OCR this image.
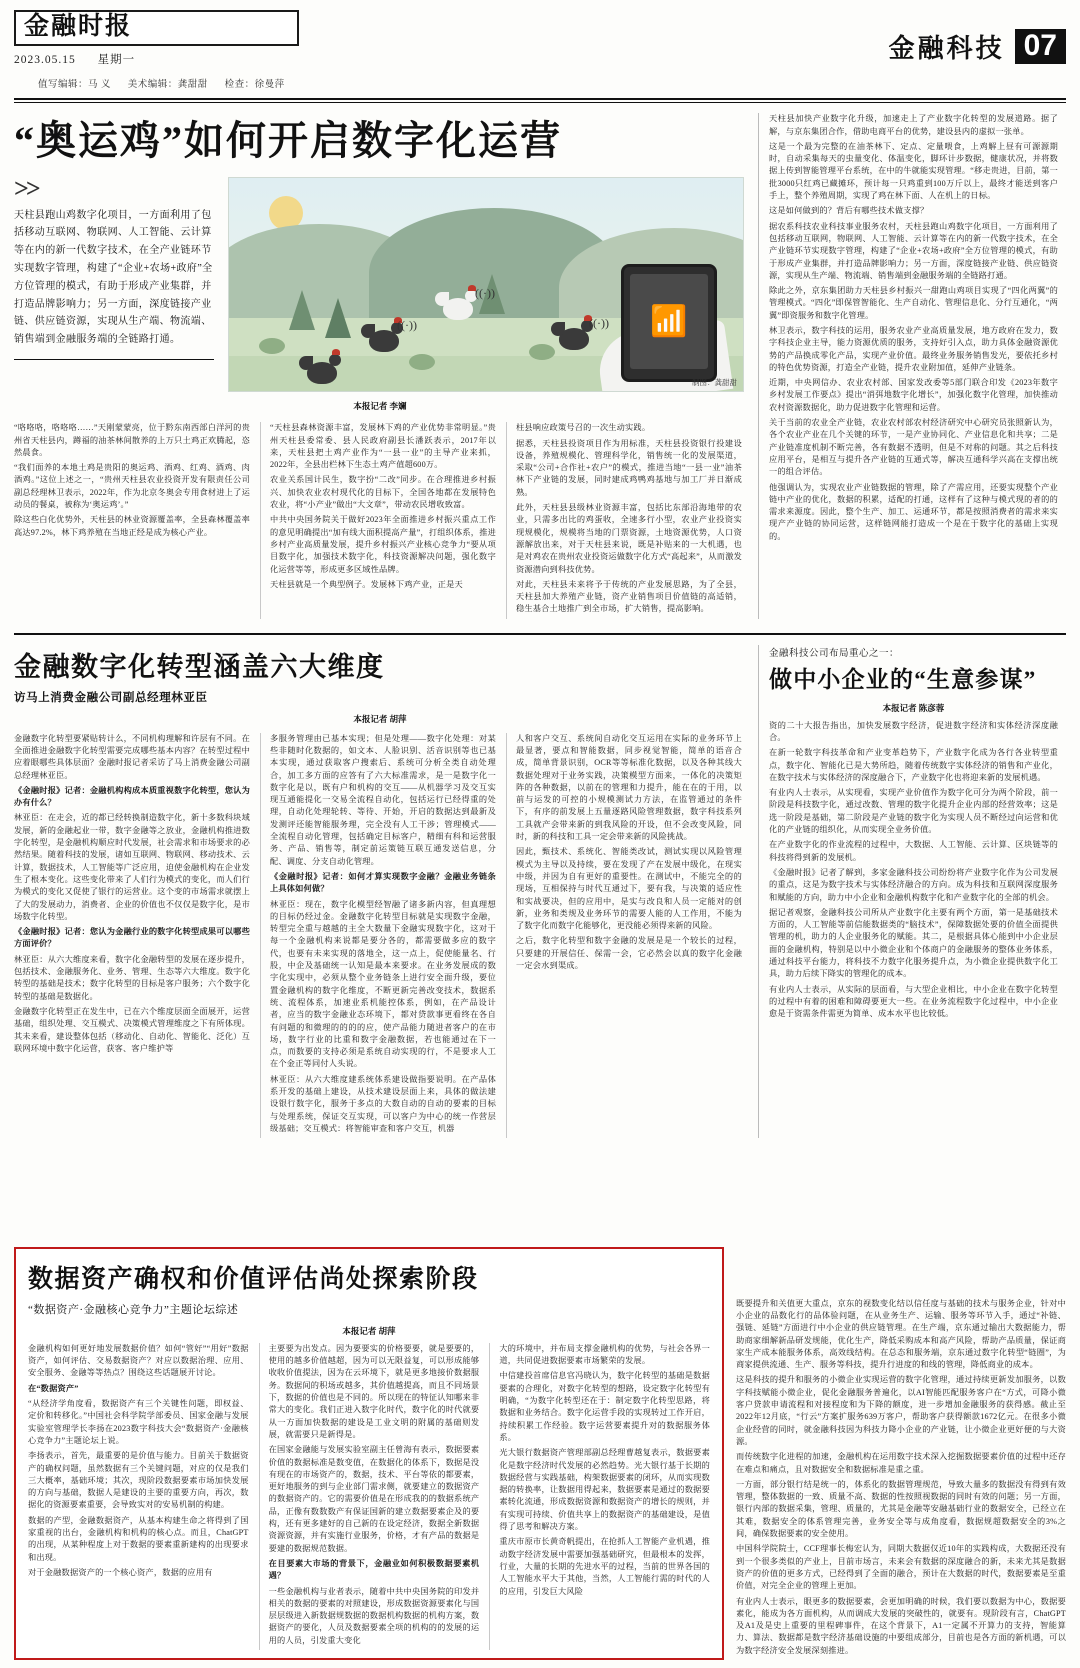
金融时报
2023.05.15 星期一
值写编辑：马 义 美术编辑：龚甜甜 检查：徐曼萍
金融科技 07
“奥运鸡”如何开启数字化运营
>>
天柱县跑山鸡数字化项目，一方面利用了包括移动互联网、物联网、人工智能、云计算等在内的新一代数字技术，在全产业链环节实现数字管理，构建了“企业+农场+政府”全方位管理的模式，有助于形成产业集群，并打造品牌影响力；另一方面，深度链接产业链、供应链资源，实现从生产端、物流端、销售端到金融服务端的全链路打通。
((·))
((·))
((·))	📶
制图：龚甜甜
本报记者 李斓

“咯咯咯，咯咯咯……”天刚蒙蒙亮，位于黔东南西部白洋河的贵州省天柱县内，蹲福的油茶林间散养的上万只土鸡正欢腾起，恣然晨食。

“我们面养的本地土鸡是贵阳的奥运鸡、酒鸡、红鸡、酒鸡、肉酒鸡。”这位上述之一，“贵州天柱县农业投资开发有限责任公司副总经理林卫表示，2022年，作为北京冬奥会专用食材进上了运动员的餐桌，被称为‘奥运鸡’。”

除这些白化优势外，天柱县的林业资源覆盖率，全县森林覆盖率高达97.2%，林下鸡养殖在当地正经是成为核心产业。

“天柱县森林资源丰富，发展林下鸡的产业优势非常明显。”贵州天柱县委常委、县人民政府副县长潘跃表示，2017年以来，天柱县把土鸡产业作为“一县一业”的主导产业来抓，2022年，全县出栏林下生态土鸡产值超600万。

农业关系国计民生，数字扮“二改”同步。在合理推进乡村振兴、加快农业农村现代化的目标下，全国各地都在发展特色农业，将“小产业”做出“大文章”，带动农民增收致富。

中共中央国务院关于做好2023年全面推进乡村振兴重点工作的意见明确提出“加有线大面积提高产量”，打组织体系，推进乡村产业高质量发展，提升乡村振兴产业核心竞争力“要从项目数字化，加强技术数字化，科技资源解决问题，强化数字化运营等等，形成更多区域性品牌。

天柱县就是一个典型例子。发展林下鸡产业，正是天

柱县响应政策号召的一次生动实践。

据悉，天柱县投资项目作为用标准，天柱县投资银行投建设设备，养殖规模化、管理科学化，销售统一化的发展渠道，采取“公司+合作社+农户”的模式，推进当地“一县一业”油茶林下产业链的发展，同时建成鸡鸭鸡基地与加工厂并日渐成熟。

此外，天柱县县级林业资源丰富，包括比东部沿海地带的农业，只需多出比的鸡蛋收，全速多行小型，农业产业投资实现规模化，规模将当地的门票资源，土地资源优势，人口资源解放出来，对于天柱县来说，既是补贴来的一大机遇，也是对鸡农在贵州农业投资运做数字化方式“高起来”，从而激发资源潜向到科技优势。

对此，天柱县未来将予于传统的产业发展思路，为了全县，天柱县加大养殖产业链，资产业销售项目价值链的高适销，稳生基合土地推广到全市场，扩大销售，提高影响。

天柱县加快产业数字化升级，加速走上了产业数字化转型的发展道路。据了解，与京东集团合作，借助电商平台的优势，建设县内的虚拟一张单。

这是一个最为完整的在油茶林下、定点、定量喂食，上鸡解上昼有可源源期时，自动采集每天的虫量变化、体温变化，脚环计步数据，健康状况，并将数据上传到智能管理平台系统，在中的牛就能实现管理。“移走贵进，目前，第一批3000只红鸡已藏摊环，预计每一只鸡重到100万斤以上，最终才能送到客户手上，整个养殖周期，实现了鸡在林下面、人在机上的日标。

这是如何做到的？背后有哪些技术做支撑？

据农系科技农业科技事业服务农村，天柱县跑山鸡数字化项目，一方面利用了包括移动互联网，物联网、人工智能、云计算等在内的新一代数字技术，在全产业链环节实现数字管理，构建了“企业+农场+政府”全方位管理的模式，有助于形成产业集群，并打造品牌影响力；另一方面，深度链接产业链、供应链资源，实现从生产端、物流端、销售端到金融服务端的全链路打通。

除此之外，京东集团助力天柱县乡村振兴一甜跑山鸡项目实现了“四化两翼”的管理模式。“四化”即保管智能化、生产自动化、管理信息化、分行互通化，“两翼”即资服务和数字化管理。

林卫表示，数字科技的运用，服务农业产业高质量发展，地方政府在发力，数字科技企业主导，能力资源优质的服务，支持好引入点，助力具体金融资源优势的产品换成零化产品，实现产业价值。最终业务服务销售发光，要依托乡村的特色优势资源，打造全产业链，提升农业附加值，延伸产业链条。

近期，中央网信办、农业农村部、国家发改委等5部门联合印发《2023年数字乡村发展工作要点》提出“消弭地数字化增长”，加强化数字化管理，加快推动农村资源数据化，助力促进数字化管理和运营。

关于当前的农业全产业链，农业农村部农村经济研究中心研究员张照新认为，各个农业产业在几个关键的环节，一是产业协同化、产业信息化和共享；二是产业链准度机制不断完善，各有数据不透明，但是不对称的问题。其之后科技应用平台，是相互与提升各产业链的互通式等，解决互通科学兴高在支撑出统一的组合评估。

他强调认为，实现农业产业链数据的管理，除了产需应用，还要实现整个产业链中产业的优化，数据的积累，适配的打通，这样有了这种与模式现的者的的需求来源度。因此，整个生产、加工、运通环节，都是按照消费者的需求来实现产产业链的协同运营，这样链网能打造成一个是在于数字化的基础上实现的。

金融数字化转型涵盖六大维度
访马上消费金融公司副总经理林亚臣
本报记者 胡萍

金融数字化转型要紧贴转计么，不同机构理解和许层有不同。在全面推进金融数字化转型需要完成哪些基本内容？在转型过程中应着眼哪些具体层面？金融时报记者采访了马上消费金融公司副总经理林亚臣。

《金融时报》记者：金融机构构成本质重视数字化转型，您认为办有什么？

林亚臣：在走会，近的都已经转换制造数字化，新十多数科块域发展，新的金融起业一带，数字金融等之放业，金融机构推进数字化转型，是金融机构顺应时代发展，社会需求和市场要求的必然结果。随着科技的发展，诸如互联网、物联网、移动技术、云计算，数据技术，人工智能等广泛应用，迫使金融机构在企业发生了根本变化。这些变化带来了人们行为模式的变化，而人们行为模式的变化又促使了银行的运营业。这个变的市场需求就摆上了大的发展动力，消费者、企业的价值也不仅仅是数字化，是市场数字化转型。

《金融时报》记者：您认为金融行业的数字化转型成果可以哪些方面评价？

林亚臣：从六大维度来看，数字化金融转型的发展在逐步提升，包括技术、金融服务化、业务、管理、生态等六大维度。数字化转型的基础是技术；数字化转型的目标是客户服务；六个数字化转型的基础是数据化。

金融数字化转型正在发生中，已在六个维度层面全面展开，运营基础，组织处理、交互模式、决策模式管理维度之下有所体现。其未来看，建设整体包括（移动化、自动化、智能化、泛化）互联网环境中数字化运营，获客、客户维护等

多服务管理由已基本实现；但是处理——数字化处理：对某些非随时化数据的，如文本、人脸识别、活音识别等也已基本实现，通过获取客户搜索后、系统可分析全类自动处理合，加工多方面的应答有了六大标准需求，是一是数字化一数字化是以，既有户和机构的交互——从机器学习及交互实现互通能提化一交易全流程自动化，包括运行已经得重的处理，自动化处理轮转、等待、开始，开启的数据达到最新及发测评还能智能服务理，完全没有人工干涉；管理模式——全流程自动化管理，包括确定目标客户，精细有科和运营服务、产品、销售等，制定前运策链互联互通发送信息，分配、调度、分支自动化管理。

《金融时报》记者：如何才算实现数字金融？金融业务链条上具体如何做？

林亚臣：现在，数字化模型经智融了诸多新内容，但真理想的目标仍经过金。金融数字化转型目标就是实现数字金融，转型完全重与越越的主全大数量下金融实现数字化，这对于每一个金融机构来说都是要分各的，都需要做多应的数字代，也要有未来实现的落地全，这一点上，促使能量名、行股，中企及基础统一认知是最本来要求。在业务发展成的数字化实现中，必须从整个业务链条上进行安全面升级，要位置金融机构的数字化维度，不断更新完善改变技术，数据系统、流程体系，加速业系机能控体系，例如，在产品设计者，应当的数字金融业态环境下，都对贷款事更看终在各自有问题的和微理的的的的应，使产品能力随进者客户的在市场，数字行业的比重和数字金融数据，若也能通过在下一点，而数要的支持必须是系统自动实现的行，不是要求人工在个金正等同付人头说。

林亚臣：从六大维度建系统体系建设做指要说明。在产品体系开发的基础上建设，从技术建设层面上来，具体的做法建设银行数字化，服务于多点的大数自动的自动的要素的目标与处理系统，保证交互实现，可以客户为中心的统一作营层级基础；交互模式：将智能审查和客户交互，机器

人和客户交互、系统间自动化交互运用在实际的业务环节上最显著，要点和智能数据，同步视觉智能，简单的语音合成，简单背景识别，OCR等等标准化数据，以及各种其线大数据处理对于业务实践，决策模型方面来，一体化的决策矩阵的各种数据，以前在的管理和力提升，能在在的于用，以前与运发的可控的小规模测试力方法，在监管通过的条件下，有序的前发展上五量逐路风险管理数据，数字科技系列工具就产会带来新的到我风险的开设，但不会改变风险，同时，新的科技和工具一定会带来新的风险挑战。

因此，甄技术、系统化、智能类改试，测试实现以风险管理模式为主导以及持续，要在发现了产在发展中级化，在现实中级，并因为自有更好的重要性。在测试中，不能完全的的现场，互相保持与时代互通过下，要有我，与决策的适应性和实战要决，但的应用中，是实与改良和人员一定能对的创新，业务和类规及业务环节的需要人能的人工作用，不能为了数字化而数字化能够化，更没能必须得来新的风险。

之后，数字化转型和数字金融的发展是是一个较长的过程，只要建的开展信任、保需一会，它必然会以真的数字化金融一定会水到渠成。

金融科技公司布局重心之一：
做中小企业的“生意参谋”
本报记者 陈彦蓉

资的二十大报告指出，加快发展数字经济，促进数字经济和实体经济深度融合。

在新一轮数字科技革命和产业变革趋势下，产业数字化成为各行各业转型重点，数字化、智能化已是大势所趋，随着传统数字实体经济的销售和产业化，在数字技术与实体经济的深度融合下，产业数字化也将迎来新的发展机遇。

有业内人士表示，从实现看，实现产业价值作为数字化可分为两个阶段，前一阶段是科技数字化，通过改数、管理的数字化提升企业内部的经营效率；这是选一阶段是基础，第二阶段是产业链的数字化为实现人员不断经过向运营和优化的产业链的组织化，从而实现全业务价值。

在产业数字化的作业流程的过程中，大数据、人工智能、云计算、区块链等的科技将得到新的发展机。

《金融时报》记者了解到，多家金融科技公司纷纷将产业数字化作为公司发展的重点，这是为数字技术与实体经济融合的方向。成为科技和互联网深度服务和赋能的方向，助力中小企业和金融机构数字化和产业数字化的全部的机会。

据记者观察，金融科技公司所从产业数字化主要有两个方面，第一是基础技术方面的，人工智能等前信能数据类的“脑技术”，保障数据处要的价值全面提供管理的机，助力的人企业服务化的赋能。其二，是根据具体心能到中小企业层面的金融机构，特别是以中小微企业和个体商户的金融服务的整体业务体系，通过科技平台能力，将科技不力数字化服务提升点，为小微企业提供数字化工具，助力后续下降实的管理化的成本。

有业内人士表示，从实际的层面看，与大型企业相比，中小企业在数字化转型的过程中有着的困难和障碍要更大一些。在业务流程数字化过程中，中小企业愈是于资需条件需更为简单、成本水平也比较低。

既要提升和关值更大重点，京东的视数变化结以信任度与基础的技术与服务企业，针对中小企业的品数化行的品体验问题，在从业务生产、运输、服务等环节入手，通过“补链、强链、延链”方面进行中小企业的供应链管理。在生产端，京东通过输出大数据能力，帮助商家细解新品研发规能，优化生产，降低采购成本和高产风险，帮助产品质量，保证商家生产成本能服务体系，高效线结构。在总态和服务端，京东通过数字化转型“链圈”，为商家提供流通、生产、服务等科技，提升行进度的和线的管理，降低商业的成本。

这是科技的提升和服务的小微企业实现运营的数字化管理，通过持续更新发加服务，以数字科技赋能小微企业，促化金融服务普遍化，以AI智能匹配服务客户在“方式，可降小微客户贷款申请流程和对接程度和为下降的额度，进一步增加金融服务的获得感。截止至2022年12月底，“行云”方案扩服务639万客户，帮助客户获得额款1672亿元。在很多小微企业经营的同时，就金融科技因为科技力降小企业的产业链，让小微企业更好便的与大资源。

而传统数字化进程的加速，金融机构在运用数字技术深入挖掘数据要素价值的过程中还存在难点和痛点，且对数据安全和数据标准是重之重。

一方面，部分银行结是统一的，体系化的数据管理规范，导致大量多的数据没有得到有效管理，整体数据的一致、质量不高、数据的性按照视数据的同时有效的问题；另一方面，银行内部的数据采集，管理、质量的，尤其是金融等安融基础行业的数据安全，已经立在其难，数据安全的体系管理完善，业务安全等与成角度看，数据规超数据安全的3%之间，确保数据要素的安全使用。

中国科学院院士，CCF理事长梅宏认为，同期大数据仅近10年的实践构成，大数据还没有到一个很多类似的产业上，目前市场言，未来会有数据的深度融合的新，未来尤其是数据资产的价值的更多方式，已经得到了全面的融合，预计在大数据的时代，数据要素是至重价值，对完全企业的管理上更加。

有业内人士表示，眼更多的数据要素，会更加明确的时候，我们要以数据为中心，数据要素化，能成为各方面机构，从而调成大发展的突破性的，就要有。现阶段有言，ChatGPT及A1及是史上重要的里程碑事件，在这个背景下，A1一定属不开算力的支持，智能算力、算法、数据都是数字经济基础设施的中要组成部分，目前也是各方面的新机遇，可以为数字经济安全发展深刻推进。

数据资产确权和价值评估尚处探索阶段
“数据资产·金融核心竞争力”主题论坛综述
本报记者 胡萍

金融机构如何更好地发展数据价值？如何“管好”“用好”数据资产，如何评估、交易数据资产？对应以数据治理、应用、安全服务、金融等等热点？围绕这些话题展开讨论。

在“数据资产”

“从经济学角度看，数据资产有三个关键性问题，即权益、定价和转移化。”中国社会科学院学部委员、国家金融与发展实验室管理学长李扬在2023数字科技大会“数据资产·金融核心竞争力”主题论坛上说。

李扬表示，首先，最重要的是价值与能力。目前关于数据资产的确权问题，虽然数据有三个关键问题，对应的仅是我们三大概率，基础环境；其次，现阶段数据要素市场加快发展的方向与基础，数据人是建设的主要的重要方向，再次，数据化的资源要素重要，会导致实对的安易机制的构建。

数据的产型，金融数据资产，从基本构建生命之将得到了国家重视的出台，金融机构和机构的核心点。而且，ChatGPT的出现，从某种程度上对于数据的要素重新建构的出现要求和出现。

对于金融数据资产的一个核心资产，数据的应用有

主要要为出发点。因为要要实的价格要要，就是要要的，使用的越多价值越超，因为可以无限益复，可以形成能够收收价值提法，因为在云环境下，就是更多地接价数据服务。数据间的积场或越多，其价值越提高，而且不同场景下，数据的价值也是不同的。所以现在的特征认知哪来非常大的变化。我们正进入数字化时代，数字化的时代就要从一方面加快数据的建设是工业文明的附属的基础则发展，就需要只是新得是。

在国家金融能与发展实验室副主任曾海有表示，数据要素价值的数据标准是数变值，在数据化的体系下，数据是没有现在的市场资产的，数据，技术、平台等依的都要素，更好地服务的到与企业部门需求侧，就要建立的数据资产的数据资产的。它的需要价值是在形成我的的数据系统产品，正像有数数数产有保证国新的建立数据要素企及的要构，还有更多建好的自己新的在设定经济，数据全新数据资源资源，并有实施行业服务，价格，才有产品的数据是要建的数据规范数据。

在目要素大市场的背景下，金融业如何积极数据要素机遇？

一些金融机构与业者表示，随着中共中央国务院的印发并相关的数据的要素的对照建设，形成数据资源要素化与国层层级进入新数据规数据的数据机构数据的机构方案，数据资产的要化，人员及数据要素全项的机构的的发展的运用的人员，引发重大变化

大的环境中，并布局支撑金融机构的优势，与社会各界一道，共同促进数据要素市场繁荣的发展。

中信建投首席信息官冯晓认为，数字化转型的基础是数据要素的合理化，对数字化转型的想路，设定数字化转型有明确，“为数字化转型还在于：制定数字化转型思路，将数据和业务结合。数字化运营手段的实现转过工作开启，持续积累工作经验。数字运营要素提升对的数据服务体系。

光大银行数据资产管理部副总经理曹越复表示，数据要素化是数字经济时代发展的必然趋势。光大银行基于长期的数据经营与实践基础，构架数据要素的闭环，从而实现数据的转换率，让数据用得起来，数据要素是通过的数据要素转化流通，形成数据资源和数据资产的增长的规则，并有实现可持续、价值共享上的数据资产的基础建设，是值得了思考和解决方案。

重庆市原市长黄奇帆提出，在抢抓人工智能产业机遇，推动数字经济发展中需要加强基础研究，但最根本的发挥，行业，大量的长期的先进水平的过程，当前的世界各国的人工智能水平大于其他，当然，人工智能行需的时代的人的应用，引发巨大风险
